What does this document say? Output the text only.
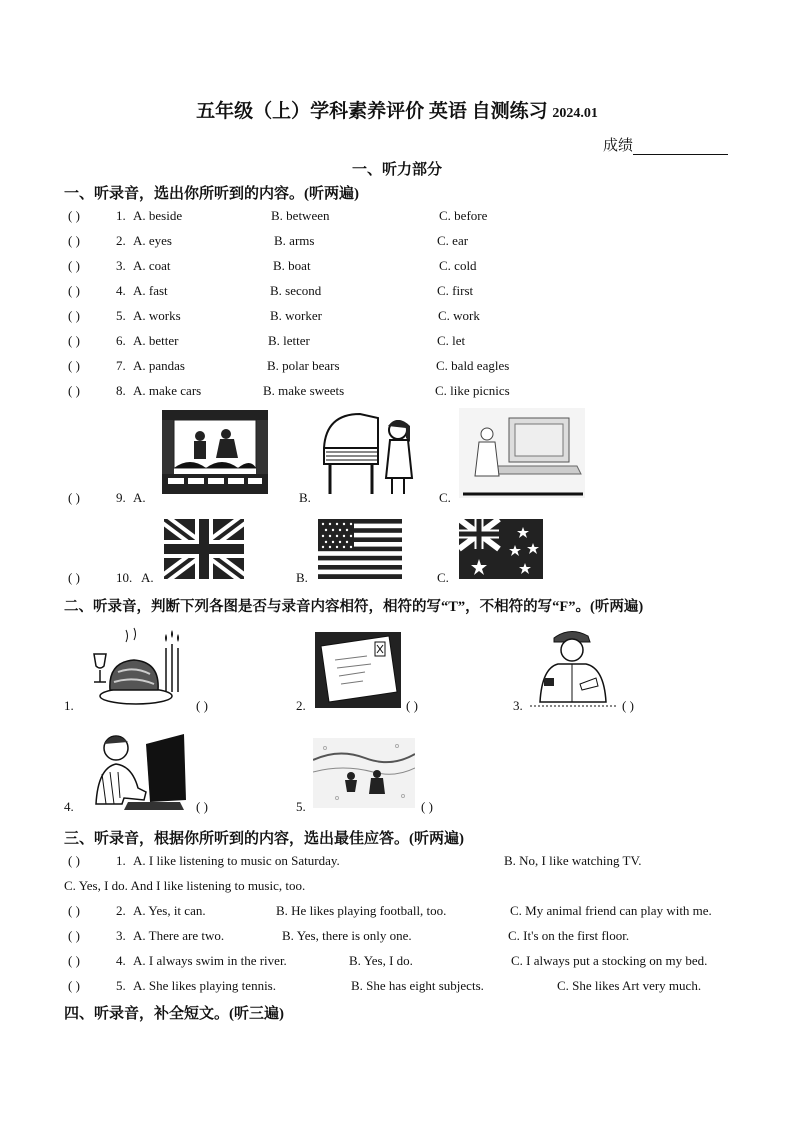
五年级（上）学科素养评价 英语 自测练习 2024.01
成绩
一、听力部分
一、听录音，选出你所听到的内容。(听两遍)
( )	1. A. beside	B. between	C. before
( )	2. A. eyes	B. arms	C. ear
( )	3. A. coat	B. boat	C. cold
( )	4. A. fast	B. second	C. first
( )	5. A. works	B. worker	C. work
( )	6. A. better	B. letter	C. let
( )	7. A. pandas	B. polar bears	C. bald eagles
( )	8. A. make cars	B. make sweets	C. like picnics
( )	9. A.	B.	C.
( )	10. A.	B.	C.
二、听录音，判断下列各图是否与录音内容相符，相符的写“T”，不相符的写“F”。(听两遍)
1.	( )	2.	( )	3.	( )
4.	( )	5.	( )
三、听录音，根据你所听到的内容，选出最佳应答。(听两遍)
( )	1. A. I like listening to music on Saturday.	B. No, I like watching TV.
C. Yes, I do. And I like listening to music, too.
( )	2. A. Yes, it can.	B. He likes playing football, too.	C. My animal friend can play with me.
( )	3. A. There are two.	B. Yes, there is only one.	C. It's on the first floor.
( )	4. A. I always swim in the river.	B. Yes, I do.	C. I always put a stocking on my bed.
( )	5. A. She likes playing tennis.	B. She has eight subjects.	C. She likes Art very much.
四、听录音，补全短文。(听三遍)
